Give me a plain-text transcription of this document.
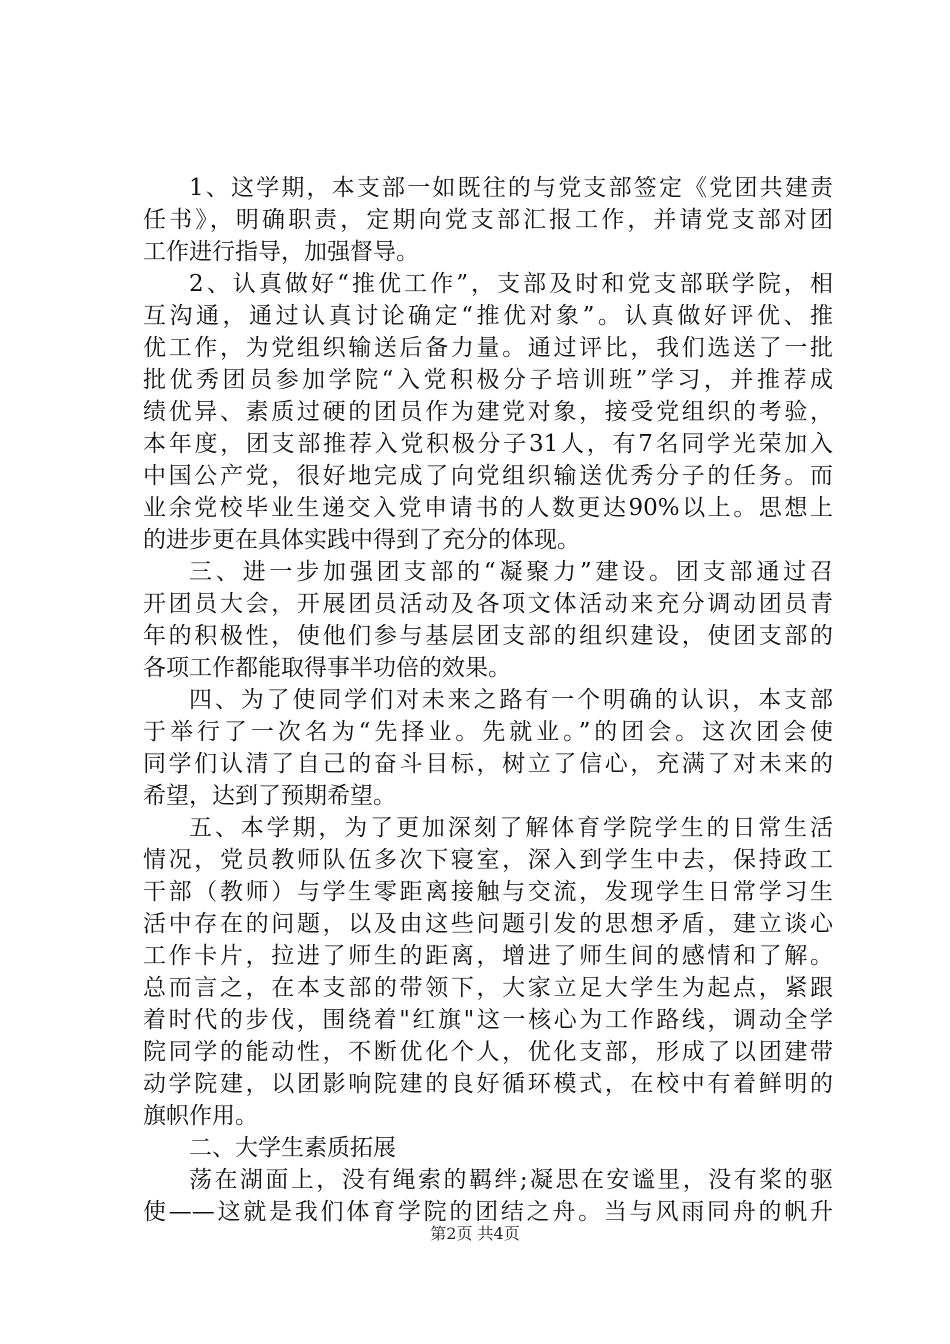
1、这学期，本支部一如既往的与党支部签定《党团共建责
任书》，明确职责，定期向党支部汇报工作，并请党支部对团
工作进行指导，加强督导。
2、认真做好“推优工作”，支部及时和党支部联学院，相
互沟通，通过认真讨论确定“推优对象”。认真做好评优、推
优工作，为党组织输送后备力量。通过评比，我们选送了一批
批优秀团员参加学院“入党积极分子培训班”学习，并推荐成
绩优异、素质过硬的团员作为建党对象，接受党组织的考验，
本年度，团支部推荐入党积极分子31人，有7名同学光荣加入
中国公产党，很好地完成了向党组织输送优秀分子的任务。而
业余党校毕业生递交入党申请书的人数更达90%以上。思想上
的进步更在具体实践中得到了充分的体现。
三、进一步加强团支部的“凝聚力”建设。团支部通过召
开团员大会，开展团员活动及各项文体活动来充分调动团员青
年的积极性，使他们参与基层团支部的组织建设，使团支部的
各项工作都能取得事半功倍的效果。
四、为了使同学们对未来之路有一个明确的认识，本支部
于举行了一次名为“先择业。先就业。”的团会。这次团会使
同学们认清了自己的奋斗目标，树立了信心，充满了对未来的
希望，达到了预期希望。
五、本学期，为了更加深刻了解体育学院学生的日常生活
情况，党员教师队伍多次下寝室，深入到学生中去，保持政工
干部（教师）与学生零距离接触与交流，发现学生日常学习生
活中存在的问题，以及由这些问题引发的思想矛盾，建立谈心
工作卡片，拉进了师生的距离，增进了师生间的感情和了解。
总而言之，在本支部的带领下，大家立足大学生为起点，紧跟
着时代的步伐，围绕着"红旗"这一核心为工作路线，调动全学
院同学的能动性，不断优化个人，优化支部，形成了以团建带
动学院建，以团影响院建的良好循环模式，在校中有着鲜明的
旗帜作用。
二、大学生素质拓展
荡在湖面上，没有绳索的羁绊;凝思在安谧里，没有桨的驱
使——这就是我们体育学院的团结之舟。当与风雨同舟的帆升
第2页 共4页
